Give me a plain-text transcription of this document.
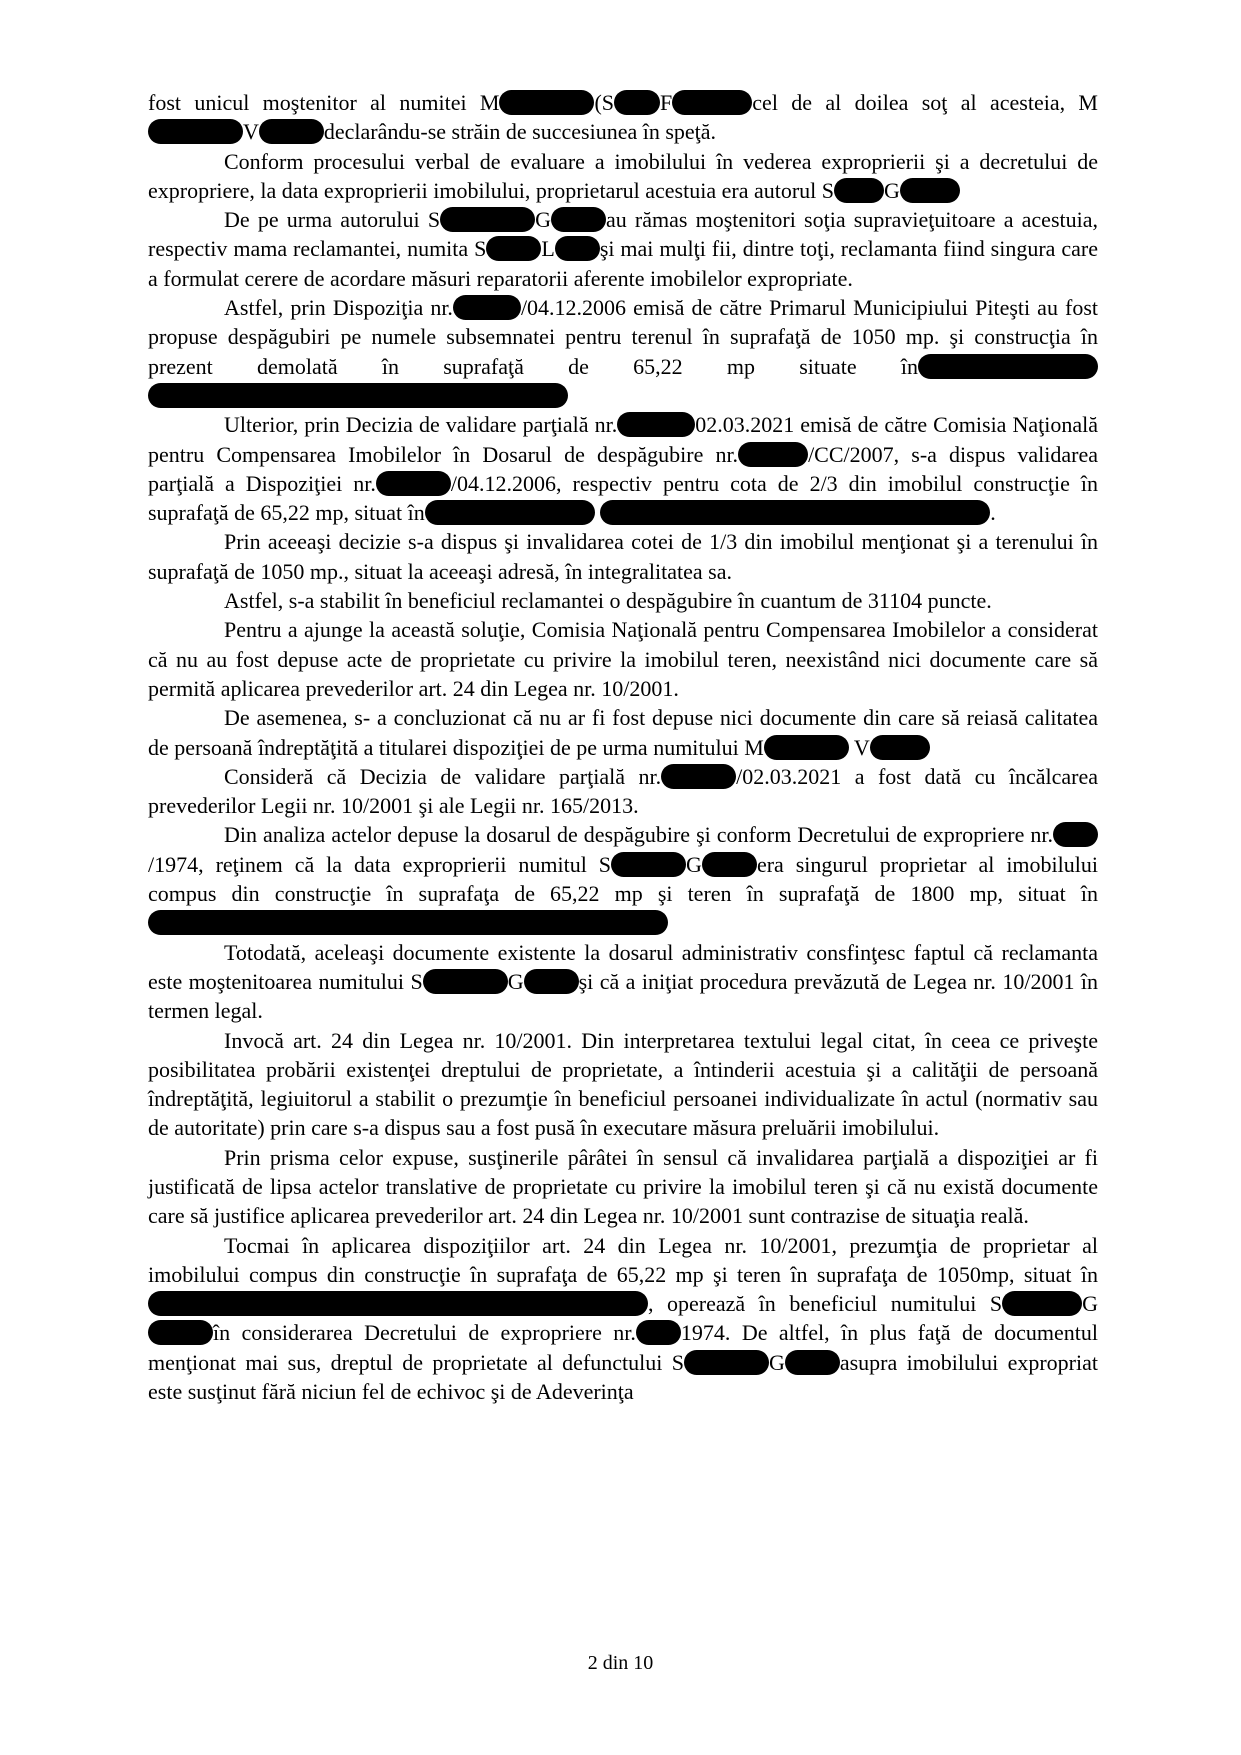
fost unicul moştenitor al numitei M	(S F	cel de al doilea soţ al acesteia, MV	declarându-se străin de succesiunea în speţă.

Conform procesului verbal de evaluare a imobilului în vederea exproprierii şi a decretului de expropriere, la data exproprierii imobilului, proprietarul acestuia era autorul S G

De pe urma autorului S	G	au rămas moştenitori soţia supravieţuitoare a acestuia, respectiv mama reclamantei, numita S	L şi mai mulţi fii, dintre toţi, reclamanta fiind singura care a formulat cerere de acordare măsuri reparatorii aferente imobilelor expropriate.

Astfel, prin Dispoziţia nr.	/04.12.2006 emisă de către Primarul Municipiului Piteşti au fost propuse despăgubiri pe numele subsemnatei pentru terenul în suprafaţă de 1050 mp. şi construcţia în prezent demolată în suprafaţă de 65,22 mp situate în

Ulterior, prin Decizia de validare parţială nr.	02.03.2021 emisă de către Comisia Naţională pentru Compensarea Imobilelor în Dosarul de despăgubire nr.	/CC/2007, s-a dispus validarea parţială a Dispoziţiei nr.	/04.12.2006, respectiv pentru cota de 2/3 din imobilul construcţie în suprafaţă de 65,22 mp, situat în	.

Prin aceeaşi decizie s-a dispus şi invalidarea cotei de 1/3 din imobilul menţionat şi a terenului în suprafaţă de 1050 mp., situat la aceeaşi adresă, în integralitatea sa.

Astfel, s-a stabilit în beneficiul reclamantei o despăgubire în cuantum de 31104 puncte.

Pentru a ajunge la această soluţie, Comisia Naţională pentru Compensarea Imobilelor a considerat că nu au fost depuse acte de proprietate cu privire la imobilul teren, neexistând nici documente care să permită aplicarea prevederilor art. 24 din Legea nr. 10/2001.

De asemenea, s- a concluzionat că nu ar fi fost depuse nici documente din care să reiasă calitatea de persoană îndreptăţită a titularei dispoziţiei de pe urma numitului M	V

Consideră că Decizia de validare parţială nr.	/02.03.2021 a fost dată cu încălcarea prevederilor Legii nr. 10/2001 şi ale Legii nr. 165/2013.

Din analiza actelor depuse la dosarul de despăgubire şi conform Decretului de expropriere nr./1974, reţinem că la data exproprierii numitul S	G	era singurul proprietar al imobilului compus din construcţie în suprafaţa de 65,22 mp şi teren în suprafaţă de 1800 mp, situat în

Totodată, aceleaşi documente existente la dosarul administrativ consfinţesc faptul că reclamanta este moştenitoarea numitului S	G	şi că a iniţiat procedura prevăzută de Legea nr. 10/2001 în termen legal.

Invocă art. 24 din Legea nr. 10/2001. Din interpretarea textului legal citat, în ceea ce priveşte posibilitatea probării existenţei dreptului de proprietate, a întinderii acestuia şi a calităţii de persoană îndreptăţită, legiuitorul a stabilit o prezumţie în beneficiul persoanei individualizate în actul (normativ sau de autoritate) prin care s-a dispus sau a fost pusă în executare măsura preluării imobilului.

Prin prisma celor expuse, susţinerile pârâtei în sensul că invalidarea parţială a dispoziţiei ar fi justificată de lipsa actelor translative de proprietate cu privire la imobilul teren şi că nu există documente care să justifice aplicarea prevederilor art. 24 din Legea nr. 10/2001 sunt contrazise de situaţia reală.

Tocmai în aplicarea dispoziţiilor art. 24 din Legea nr. 10/2001, prezumţia de proprietar al imobilului compus din construcţie în suprafaţa de 65,22 mp şi teren în suprafaţa de 1050mp, situat în, operează în beneficiul numitului S	Gîn considerarea Decretului de expropriere nr. 1974. De altfel, în plus faţă de documentul menţionat mai sus, dreptul de proprietate al defunctului S	G	asupra imobilului expropriat este susţinut fără niciun fel de echivoc şi de Adeverinţa

2 din 10
